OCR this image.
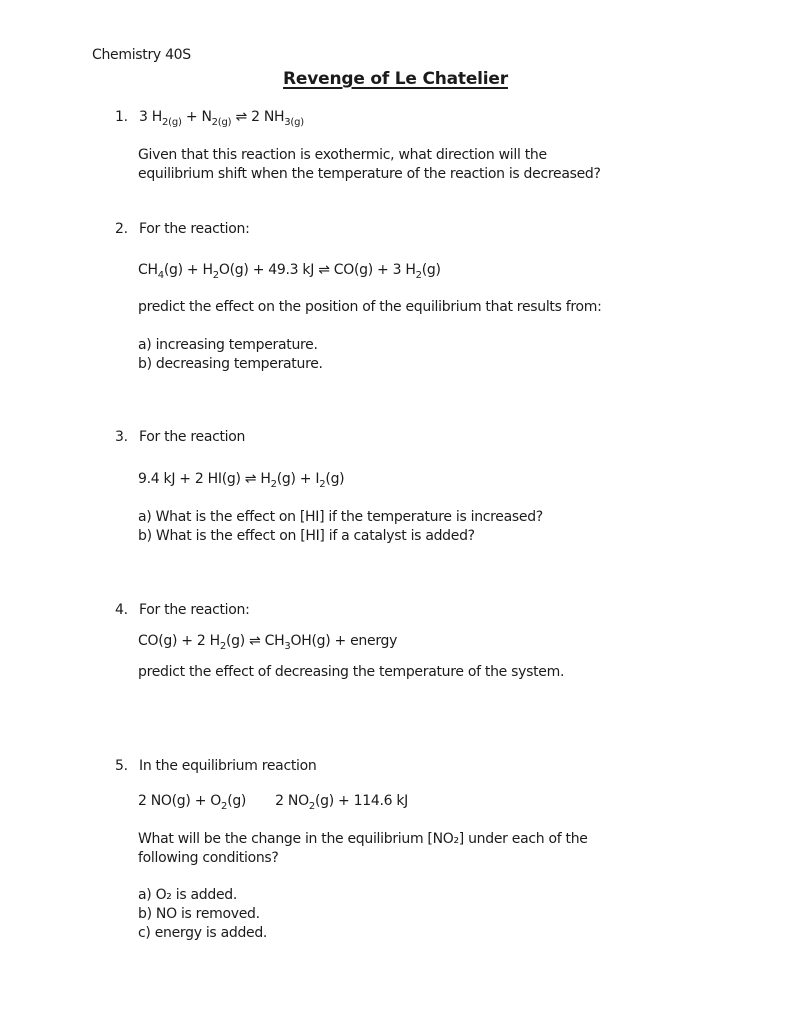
Chemistry 40S
Revenge of Le Chatelier
1. 3 $H_{2(g)} + N_{2(g)}$ ⇌ 2 $NH_{3(g)}$
Given that this reaction is exothermic, what direction will the
equilibrium shift when the temperature of the reaction is decreased?
2. For the reaction:
$CH_4(g) + H_2O(g) + 49.3$ kJ ⇌ CO(g) + 3 $H_2(g)$
predict the effect on the position of the equilibrium that results from:
a) increasing temperature.
b) decreasing temperature.
3. For the reaction
9.4 kJ + 2 HI(g) ⇌ $H_2(g) + I_2(g)$
a) What is the effect on [HI] if the temperature is increased?
b) What is the effect on [HI] if a catalyst is added?
4. For the reaction:
CO(g) + 2 $H_2(g)$ ⇌ $CH_3OH(g)$ + energy
predict the effect of decreasing the temperature of the system.
5. In the equilibrium reaction
2 $NO(g) + O_2(g)$       2 $NO_2(g) + 114.6$ kJ
What will be the change in the equilibrium [NO₂] under each of the
following conditions?
a) O₂ is added.
b) NO is removed.
c) energy is added.
